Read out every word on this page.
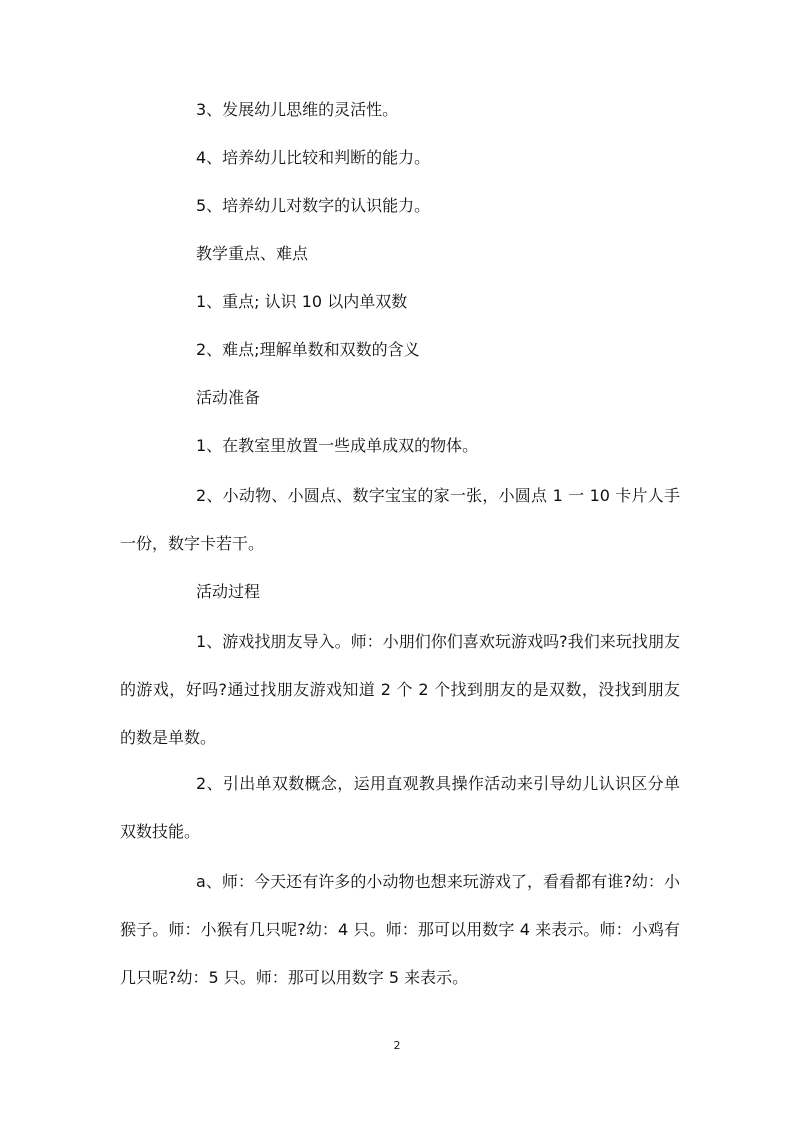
3、发展幼儿思维的灵活性。

4、培养幼儿比较和判断的能力。

5、培养幼儿对数字的认识能力。

教学重点、难点

1、重点; 认识 10 以内单双数

2、难点;理解单数和双数的含义

活动准备

1、在教室里放置一些成单成双的物体。

2、小动物、小圆点、数字宝宝的家一张，小圆点 1 一 10 卡片人手一份，数字卡若干。

活动过程

1、游戏找朋友导入。师：小朋们你们喜欢玩游戏吗?我们来玩找朋友的游戏，好吗?通过找朋友游戏知道 2 个 2 个找到朋友的是双数，没找到朋友的数是单数。

2、引出单双数概念，运用直观教具操作活动来引导幼儿认识区分单双数技能。

a、师：今天还有许多的小动物也想来玩游戏了，看看都有谁?幼：小猴子。师：小猴有几只呢?幼：4 只。师：那可以用数字 4 来表示。师：小鸡有几只呢?幼：5 只。师：那可以用数字 5 来表示。

2
